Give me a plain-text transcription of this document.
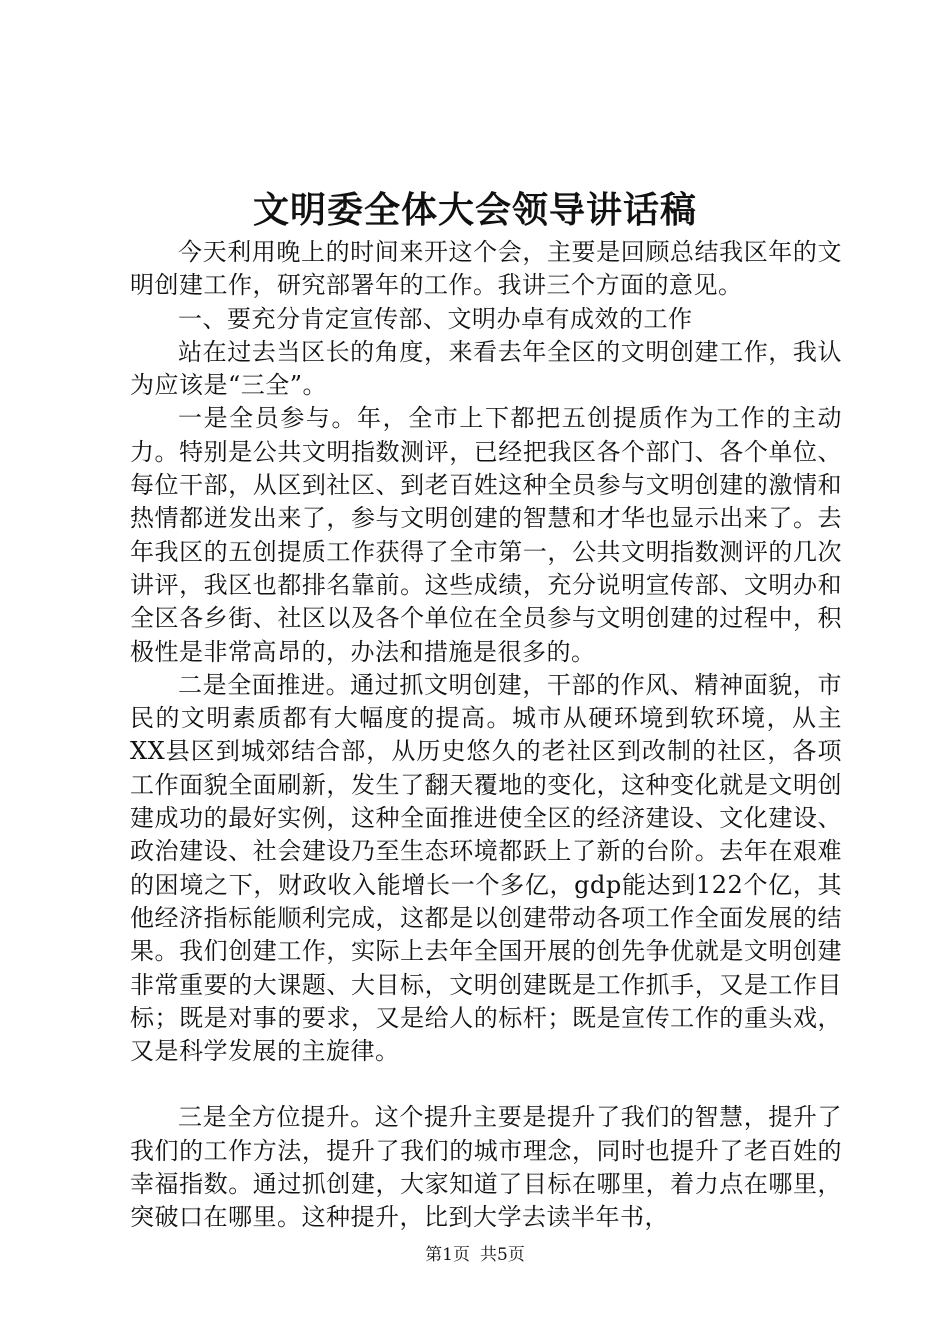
文明委全体大会领导讲话稿

今天利用晚上的时间来开这个会，主要是回顾总结我区年的文明创建工作，研究部署年的工作。我讲三个方面的意见。

一、要充分肯定宣传部、文明办卓有成效的工作

站在过去当区长的角度，来看去年全区的文明创建工作，我认为应该是“三全”。

一是全员参与。年，全市上下都把五创提质作为工作的主动力。特别是公共文明指数测评，已经把我区各个部门、各个单位、每位干部，从区到社区、到老百姓这种全员参与文明创建的激情和热情都迸发出来了，参与文明创建的智慧和才华也显示出来了。去年我区的五创提质工作获得了全市第一，公共文明指数测评的几次讲评，我区也都排名靠前。这些成绩，充分说明宣传部、文明办和全区各乡街、社区以及各个单位在全员参与文明创建的过程中，积极性是非常高昂的，办法和措施是很多的。

二是全面推进。通过抓文明创建，干部的作风、精神面貌，市民的文明素质都有大幅度的提高。城市从硬环境到软环境，从主XX县区到城郊结合部，从历史悠久的老社区到改制的社区，各项工作面貌全面刷新，发生了翻天覆地的变化，这种变化就是文明创建成功的最好实例，这种全面推进使全区的经济建设、文化建设、政治建设、社会建设乃至生态环境都跃上了新的台阶。去年在艰难的困境之下，财政收入能增长一个多亿，gdp能达到122个亿，其他经济指标能顺利完成，这都是以创建带动各项工作全面发展的结果。我们创建工作，实际上去年全国开展的创先争优就是文明创建非常重要的大课题、大目标，文明创建既是工作抓手，又是工作目标；既是对事的要求，又是给人的标杆；既是宣传工作的重头戏，又是科学发展的主旋律。

三是全方位提升。这个提升主要是提升了我们的智慧，提升了我们的工作方法，提升了我们的城市理念，同时也提升了老百姓的幸福指数。通过抓创建，大家知道了目标在哪里，着力点在哪里，突破口在哪里。这种提升，比到大学去读半年书，

第1页 共5页
